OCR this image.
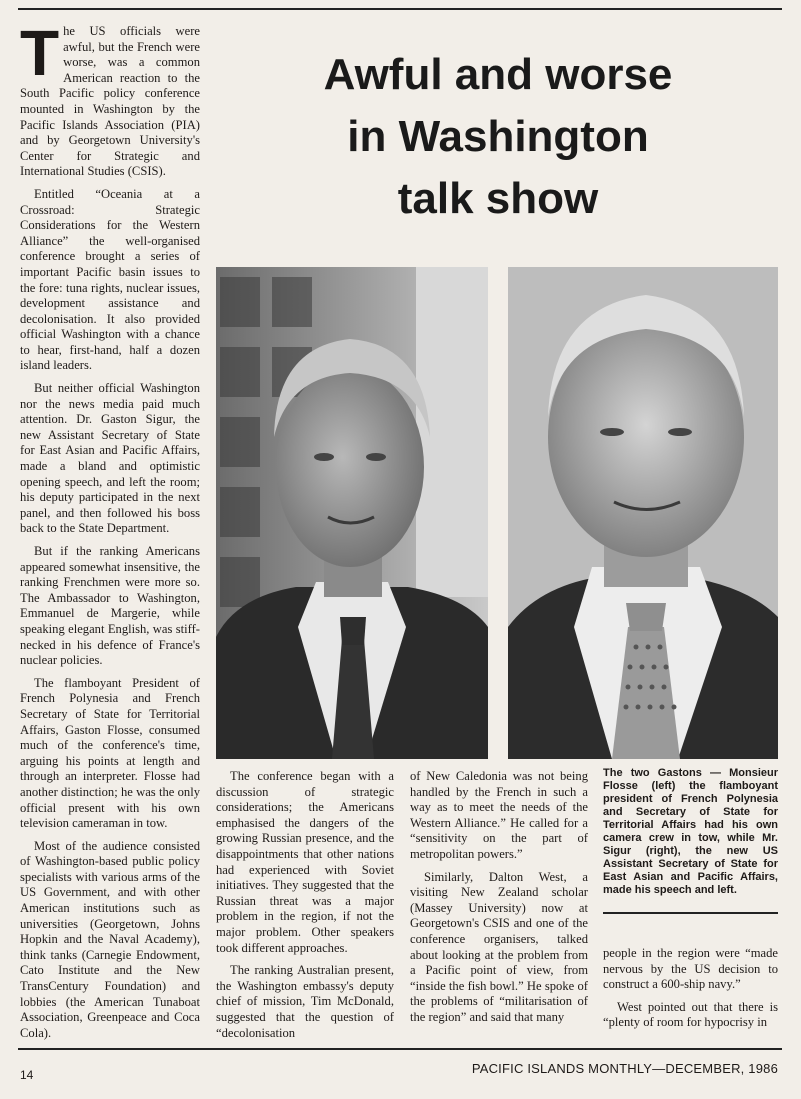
The US officials were awful, but the French were worse, was a common American reaction to the South Pacific policy conference mounted in Washington by the Pacific Islands Association (PIA) and by Georgetown University's Center for Strategic and International Studies (CSIS).

Entitled “Oceania at a Crossroad: Strategic Considerations for the Western Alliance” the well-organised conference brought a series of important Pacific basin issues to the fore: tuna rights, nuclear issues, development assistance and decolonisation. It also provided official Washington with a chance to hear, first-hand, half a dozen island leaders.

But neither official Washington nor the news media paid much attention. Dr. Gaston Sigur, the new Assistant Secretary of State for East Asian and Pacific Affairs, made a bland and optimistic opening speech, and left the room; his deputy participated in the next panel, and then followed his boss back to the State Department.

But if the ranking Americans appeared somewhat insensitive, the ranking Frenchmen were more so. The Ambassador to Washington, Emmanuel de Margerie, while speaking elegant English, was stiff-necked in his defence of France's nuclear policies.

The flamboyant President of French Polynesia and French Secretary of State for Territorial Affairs, Gaston Flosse, consumed much of the conference's time, arguing his points at length and through an interpreter. Flosse had another distinction; he was the only official present with his own television cameraman in tow.

Most of the audience consisted of Washington-based public policy specialists with various arms of the US Government, and with other American institutions such as universities (Georgetown, Johns Hopkin and the Naval Academy), think tanks (Carnegie Endowment, Cato Institute and the New TransCentury Foundation) and lobbies (the American Tunaboat Association, Greenpeace and Coca Cola).

Awful and worse
in Washington
talk show

The conference began with a discussion of strategic considerations; the Americans emphasised the dangers of the growing Russian presence, and the disappointments that other nations had experienced with Soviet initiatives. They suggested that the Russian threat was a major problem in the region, if not the major problem. Other speakers took different approaches.

The ranking Australian present, the Washington embassy's deputy chief of mission, Tim McDonald, suggested that the question of “decolonisation

of New Caledonia was not being handled by the French in such a way as to meet the needs of the Western Alliance.” He called for a “sensitivity on the part of metropolitan powers.”

Similarly, Dalton West, a visiting New Zealand scholar (Massey University) now at Georgetown's CSIS and one of the conference organisers, talked about looking at the problem from a Pacific point of view, from “inside the fish bowl.” He spoke of the problems of “militarisation of the region” and said that many

The two Gastons — Monsieur Flosse (left) the flamboyant president of French Polynesia and Secretary of State for Territorial Affairs had his own camera crew in tow, while Mr. Sigur (right), the new US Assistant Secretary of State for East Asian and Pacific Affairs, made his speech and left.

people in the region were “made nervous by the US decision to construct a 600-ship navy.”

West pointed out that there is “plenty of room for hypocrisy in

14	PACIFIC ISLANDS MONTHLY—DECEMBER, 1986
